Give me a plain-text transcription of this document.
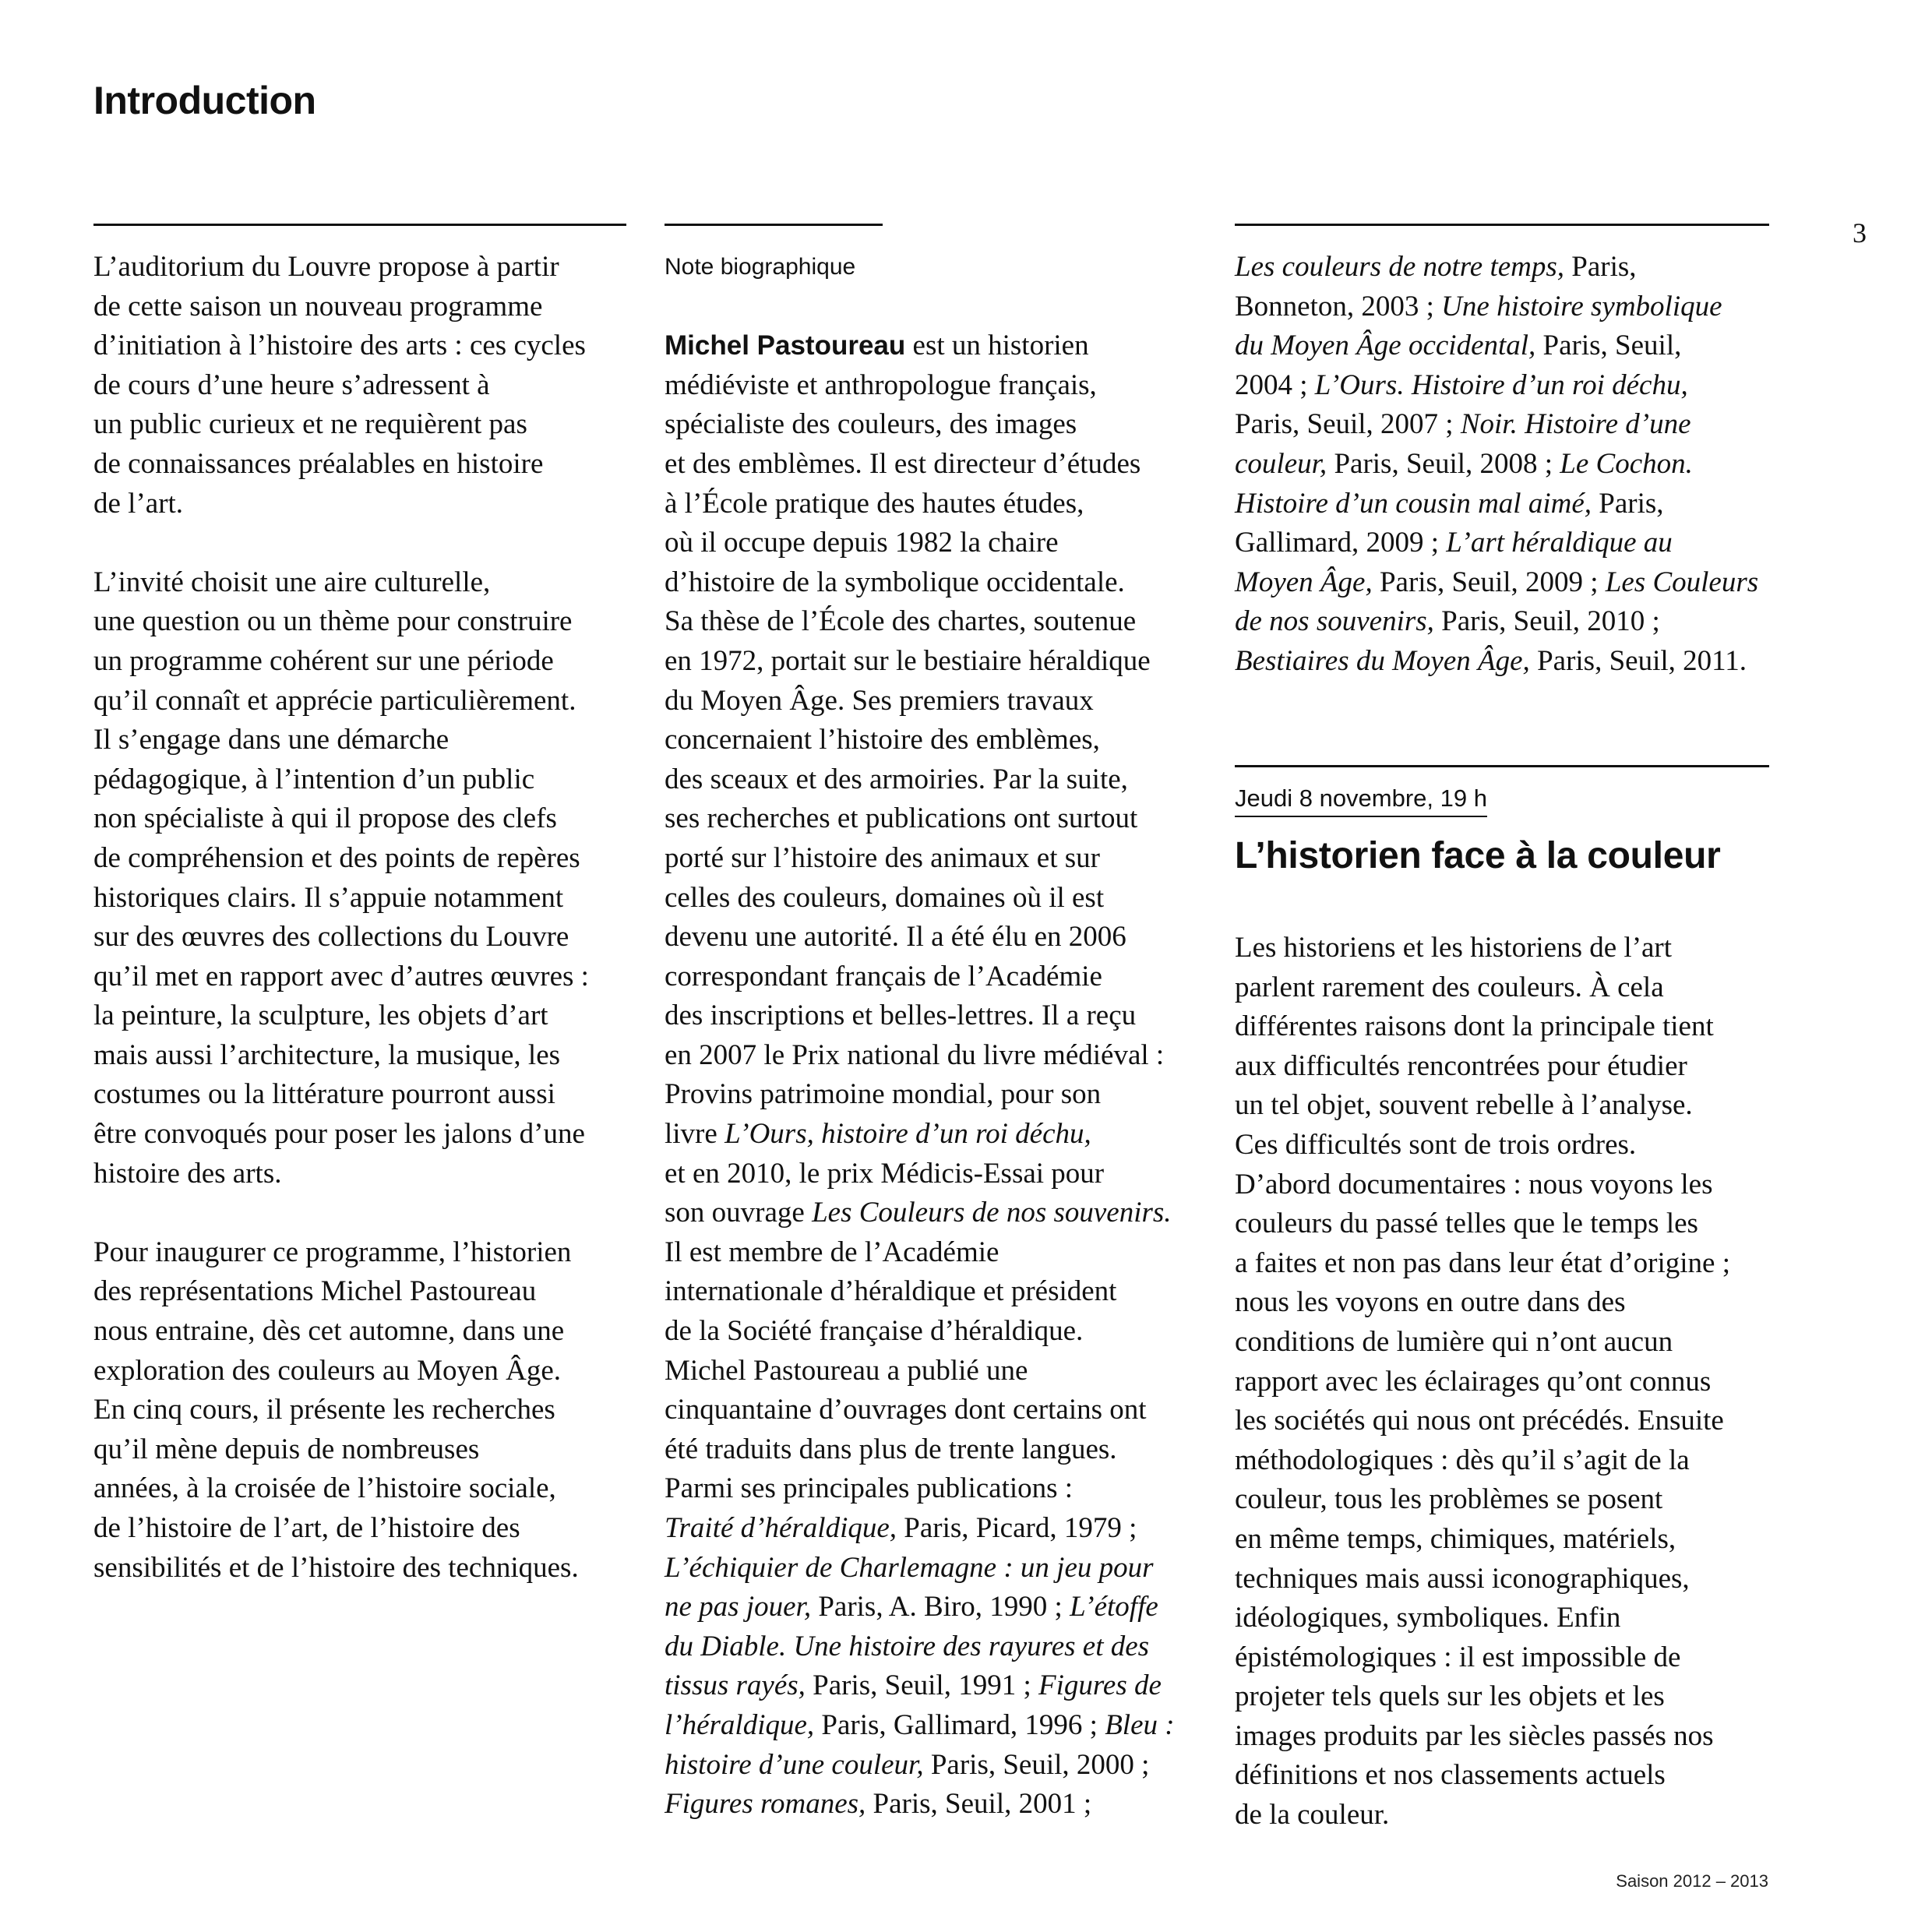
Introduction
3

L’auditorium du Louvre propose à partir
de cette saison un nouveau programme
d’initiation à l’histoire des arts : ces cycles
de cours d’une heure s’adressent à
un public curieux et ne requièrent pas
de connaissances préalables en histoire
de l’art.

L’invité choisit une aire culturelle,
une question ou un thème pour construire
un programme cohérent sur une période
qu’il connaît et apprécie particulièrement.
Il s’engage dans une démarche
pédagogique, à l’intention d’un public
non spécialiste à qui il propose des clefs
de compréhension et des points de repères
historiques clairs. Il s’appuie notamment
sur des œuvres des collections du Louvre
qu’il met en rapport avec d’autres œuvres :
la peinture, la sculpture, les objets d’art
mais aussi l’architecture, la musique, les
costumes ou la littérature pourront aussi
être convoqués pour poser les jalons d’une
histoire des arts.

Pour inaugurer ce programme, l’historien
des représentations Michel Pastoureau
nous entraine, dès cet automne, dans une
exploration des couleurs au Moyen Âge.
En cinq cours, il présente les recherches
qu’il mène depuis de nombreuses
années, à la croisée de l’histoire sociale,
de l’histoire de l’art, de l’histoire des
sensibilités et de l’histoire des techniques.

Note biographique
Michel Pastoureau est un historien
médiéviste et anthropologue français,
spécialiste des couleurs, des images
et des emblèmes. Il est directeur d’études
à l’École pratique des hautes études,
où il occupe depuis 1982 la chaire
d’histoire de la symbolique occidentale.
Sa thèse de l’École des chartes, soutenue
en 1972, portait sur le bestiaire héraldique
du Moyen Âge. Ses premiers travaux
concernaient l’histoire des emblèmes,
des sceaux et des armoiries. Par la suite,
ses recherches et publications ont surtout
porté sur l’histoire des animaux et sur
celles des couleurs, domaines où il est
devenu une autorité. Il a été élu en 2006
correspondant français de l’Académie
des inscriptions et belles-lettres. Il a reçu
en 2007 le Prix national du livre médiéval :
Provins patrimoine mondial, pour son
livre L’Ours, histoire d’un roi déchu,
et en 2010, le prix Médicis-Essai pour
son ouvrage Les Couleurs de nos souvenirs.
Il est membre de l’Académie
internationale d’héraldique et président
de la Société française d’héraldique.
Michel Pastoureau a publié une
cinquantaine d’ouvrages dont certains ont
été traduits dans plus de trente langues.
Parmi ses principales publications :
Traité d’héraldique, Paris, Picard, 1979 ;
L’échiquier de Charlemagne : un jeu pour
ne pas jouer, Paris, A. Biro, 1990 ; L’étoffe
du Diable. Une histoire des rayures et des
tissus rayés, Paris, Seuil, 1991 ; Figures de
l’héraldique, Paris, Gallimard, 1996 ; Bleu :
histoire d’une couleur, Paris, Seuil, 2000 ;
Figures romanes, Paris, Seuil, 2001 ;
Les couleurs de notre temps, Paris,
Bonneton, 2003 ; Une histoire symbolique
du Moyen Âge occidental, Paris, Seuil,
2004 ; L’Ours. Histoire d’un roi déchu,
Paris, Seuil, 2007 ; Noir. Histoire d’une
couleur, Paris, Seuil, 2008 ; Le Cochon.
Histoire d’un cousin mal aimé, Paris,
Gallimard, 2009 ; L’art héraldique au
Moyen Âge, Paris, Seuil, 2009 ; Les Couleurs
de nos souvenirs, Paris, Seuil, 2010 ;
Bestiaires du Moyen Âge, Paris, Seuil, 2011.
Jeudi 8 novembre, 19 h
L’historien face à la couleur
Les historiens et les historiens de l’art
parlent rarement des couleurs. À cela
différentes raisons dont la principale tient
aux difficultés rencontrées pour étudier
un tel objet, souvent rebelle à l’analyse.
Ces difficultés sont de trois ordres.
D’abord documentaires : nous voyons les
couleurs du passé telles que le temps les
a faites et non pas dans leur état d’origine ;
nous les voyons en outre dans des
conditions de lumière qui n’ont aucun
rapport avec les éclairages qu’ont connus
les sociétés qui nous ont précédés. Ensuite
méthodologiques : dès qu’il s’agit de la
couleur, tous les problèmes se posent
en même temps, chimiques, matériels,
techniques mais aussi iconographiques,
idéologiques, symboliques. Enfin
épistémologiques : il est impossible de
projeter tels quels sur les objets et les
images produits par les siècles passés nos
définitions et nos classements actuels
de la couleur.
Saison 2012 – 2013
